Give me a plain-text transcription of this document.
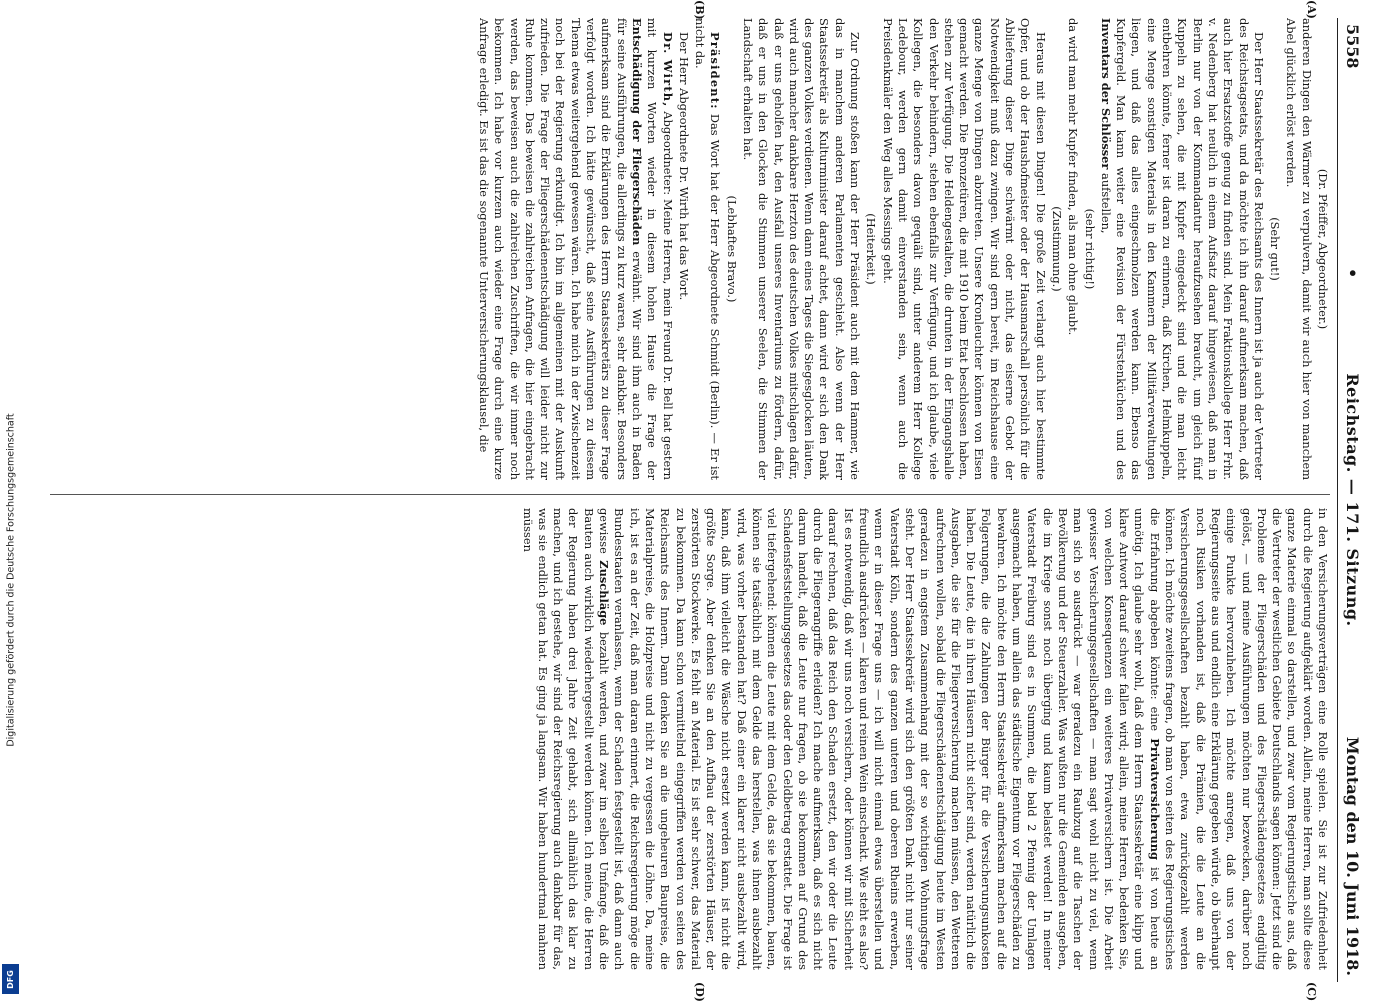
Digitalisierung gefördert durch die Deutsche Forschungsgemeinschaft
DFG
5558
•
Reichstag. — 171. Sitzung.
Montag den 10. Juni 1918.
(A)
(B)
(C)
(D)

(Dr. Pfeiffer, Abgeordneter.)

anderen Dingen den Wärmer zu verpulvern, damit wir auch hier von manchem Abel glücklich erlöst werden.

(Sehr gut!)

Der Herr Staatssekretär des Reichsamts des Innern ist ja auch der Vertreter des Reichstagsetats, und da möchte ich ihn darauf aufmerksam machen, daß auch hier Ersatzstoffe genug zu finden sind. Mein Fraktionskollege Herr Frhr. v. Nedenberg hat neulich in einem Aufsatz darauf hingewiesen, daß man in Berlin nur von der Kommandantur heraufzusehen braucht, um gleich fünf Kuppeln zu sehen, die mit Kupfer eingedeckt sind und die man leicht entbehren könnte, ferner ist daran zu erinnern, daß Kirchen, Helmkuppeln, eine Menge sonstigen Materials in den Kammern der Militärverwaltungen liegen, und daß das alles eingeschmolzen werden kann. Ebenso das Kupfergeld. Man kann weiter eine Revision der Fürstenküchen und des Inventars der Schlösser aufstellen,

(sehr richtig!)

da wird man mehr Kupfer finden, als man ohne glaubt.

(Zustimmung.)

Heraus mit diesen Dingen! Die große Zeit verlangt auch hier bestimmte Opfer, und ob der Haushofmeister oder der Hausmarschall persönlich für die Ablieferung dieser Dinge schwärmt oder nicht, das eiserne Gebot der Notwendigkeit muß dazu zwingen. Wir sind gern bereit, im Reichshause eine ganze Menge von Dingen abzutreten. Unsere Kronleuchter können von Eisen gemacht werden. Die Bronzetüren, die mit 1910 beim Etat beschlossen haben, stehen zur Verfügung. Die Heldengestalten, die drunten in der Eingangshalle den Verkehr behindern, stehen ebenfalls zur Verfügung, und ich glaube, viele Kollegen, die besonders davon gequält sind, unter anderem Herr Kollege Ledebour, werden gern damit einverstanden sein, wenn auch die Preisdenkmäler den Weg alles Messings geht.

(Heiterkeit.)

Zur Ordnung stoßen kann der Herr Präsident auch mit dem Hammer, wie das in manchem anderen Parlamenten geschieht. Also wenn der Herr Staatssekretär als Kulturminister darauf achtet, dann wird er sich den Dank des ganzen Volkes verdienen. Wenn dann eines Tages die Siegesglocken läuten, wird auch mancher dankbare Herzton des deutschen Volkes mitschlagen dafür, daß er uns geholfen hat, den Ausfall unseres Inventariums zu fördern, dafür, daß er uns in den Glocken die Stimmen unserer Seelen, die Stimmen der Landschaft erhalten hat.

(Lebhaftes Bravo.)

Präsident: Das Wort hat der Herr Abgeordnete Schmidt (Berlin). — Er ist nicht da.

Der Herr Abgeordnete Dr. Wirth hat das Wort.

Dr. Wirth, Abgeordneter: Meine Herren, mein Freund Dr. Bell hat gestern mit kurzen Worten wieder in diesem hohen Hause die Frage der Entschädigung der Fliegerschäden erwähnt. Wir sind ihm auch in Baden für seine Ausführungen, die allerdings zu kurz waren, sehr dankbar. Besonders aufmerksam sind die Erklärungen des Herrn Staatssekretärs zu dieser Frage verfolgt worden. Ich hätte gewünscht, daß seine Ausführungen zu diesem Thema etwas weitergehend gewesen wären. Ich habe mich in der Zwischenzeit noch bei der Regierung erkundigt. Ich bin im allgemeinen mit der Auskunft zufrieden. Die Frage der Fliegerschädenentschädigung will leider nicht zur Ruhe kommen. Das beweisen die zahlreichen Anfragen, die hier eingebracht werden, das beweisen auch die zahlreichen Zuschriften, die wir immer noch bekommen. Ich habe vor kurzem auch wieder eine Frage durch eine kurze Anfrage erledigt. Es ist das die sogenannte Unterversicherungsklausel, die

in den Versicherungsverträgen eine Rolle spielen. Sie ist zur Zufriedenheit durch die Regierung aufgeklärt worden. Allein, meine Herren, man sollte diese ganze Materie einmal so darstellen, und zwar vom Regierungstische aus, daß die Vertreter der westlichen Gebiete Deutschlands sagen können: Jetzt sind die Probleme der Fliegerschäden und des Fliegerschädengesetzes endgültig gelöst, — und meine Ausführungen möchten nur bezwecken, darüber noch einige Punkte hervorzuheben. Ich möchte anregen, daß uns von der Regierungsseite aus und endlich eine Erklärung gegeben würde, ob überhaupt noch Risiken vorhanden ist, daß die Prämien, die die Leute an die Versicherungsgesellschaften bezahlt haben, etwa zurückgezahlt werden können. Ich möchte zweitens fragen, ob man von seiten des Regierungstisches die Erfahrung abgeben könnte: eine Privatversicherung ist von heute an unnötig. Ich glaube sehr wohl, daß dem Herrn Staatssekretär eine klipp und klare Antwort darauf schwer fallen wird; allein, meine Herren, bedenken Sie, von welchen Konsequenzen ein weiteres Privatversichern ist. Die Arbeit gewisser Versicherungsgesellschaften — man sagt wohl nicht zu viel, wenn man sich so ausdrückt — war geradezu ein Raubzug auf die Taschen der Bevölkerung und der Steuerzahler. Was wußten nur die Gemeinden ausgeben, die im Kriege sonst noch überging und kaum belastet werden! In meiner Vaterstadt Freiburg sind es in Summen, die bald 2 Pfennig der Umlagen ausgemacht haben, um allein das städtische Eigentum vor Fliegerschäden zu bewahren. Ich möchte den Herrn Staatssekretär aufmerksam machen auf die Folgerungen, die die Zahlungen der Bürger für die Versicherungsunkosten haben. Die Leute, die in ihren Häusern nicht sicher sind, werden natürlich die Ausgaben, die sie für die Fliegerversicherung machen müssen, den Wetteren aufrechnen wollen, sobald die Fliegerschädenentschädigung heute im Westen geradezu in engstem Zusammenhang mit der so wichtigen Wohnungsfrage steht. Der Herr Staatssekretär wird sich den größten Dank nicht nur seiner Vaterstadt Köln, sondern des ganzen unteren und oberen Rheins erwerben, wenn er in dieser Frage uns — ich will nicht einmal etwas überstellen und freundlich ausdrücken — klaren und reinen Wein einschenkt. Wie steht es also? Ist es notwendig, daß wir uns noch versichern, oder können wir mit Sicherheit darauf rechnen, daß das Reich den Schaden ersetzt, den wir oder die Leute durch die Fliegerangriffe erleiden? Ich mache aufmerksam, daß es sich nicht darum handelt, daß die Leute nur fragen, ob sie bekommen auf Grund des Schadensfeststellungsgesetzes das oder den Geldbetrag erstattet. Die Frage ist viel tiefergehend: können die Leute mit dem Gelde, das sie bekommen, bauen, können sie tatsächlich mit dem Gelde das herstellen, was ihnen ausbezahlt wird, was vorher bestanden hat? Daß einer ein klarer nicht ausbezahlt wird, kann, daß ihm vielleicht die Wäsche nicht ersetzt werden kann, ist nicht die größte Sorge. Aber denken Sie an den Aufbau der zerstörten Häuser, der zerstörten Stockwerke. Es fehlt an Material. Es ist sehr schwer, das Material zu bekommen. Da kann schon vermittelnd eingegriffen werden von seiten des Reichsamts des Innern. Dann denken Sie an die ungeheuren Baupreise, die Materialpreise, die Holzpreise und nicht zu vergessen die Löhne. Da, meine ich, ist es an der Zeit, daß man daran erinnert, die Reichsregierung möge die Bundesstaaten veranlassen, wenn der Schaden festgestellt ist, daß dann auch gewisse Zuschläge bezahlt werden, und zwar im selben Umfange, daß die Bauten auch wirklich wiederhergestellt werden können. Ich meine, die Herren der Regierung haben drei Jahre Zeit gehabt, sich allmählich das klar zu machen, und ich gestehe, wir sind der Reichsregierung auch dankbar für das, was sie endlich getan hat. Es ging ja langsam. Wir haben hundertmal mahnen müssen
